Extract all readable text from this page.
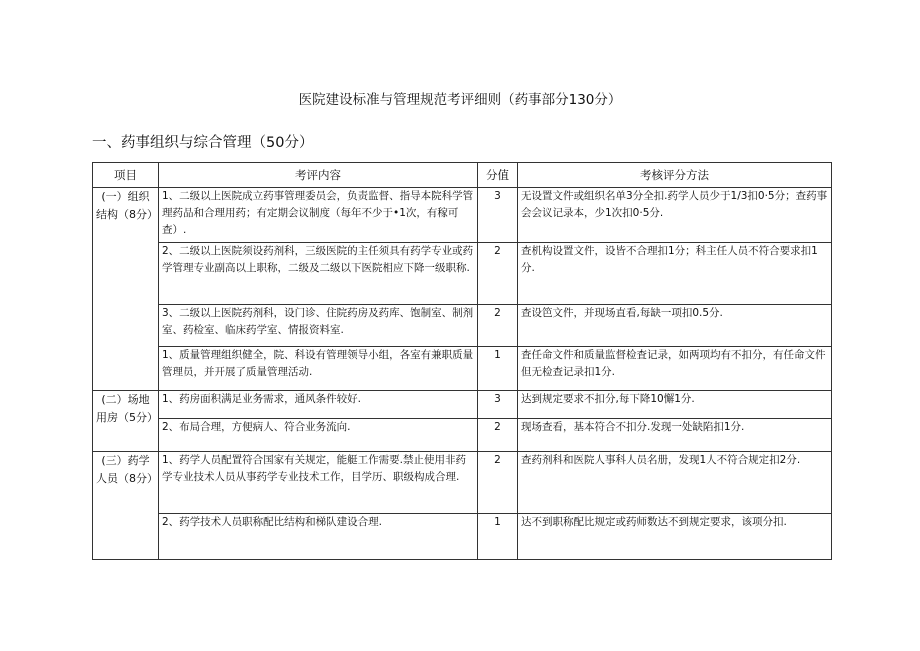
医院建设标准与管理规范考评细则（药事部分130分）
一、药事组织与综合管理（50分）
项目	考评内容	分值	考核评分方法
(一）组织结构（8分）	1、二级以上医院成立药事管理委员会，负责监督、指导本院科学管理药品和合理用药；有定期会议制度（每年不少于•1次，有稼可查）.	3	无设置文件或组织名单3分全扣.药学人员少于1/3扣0·5分；查药事会会议记录本，少1次扣0·5分.
	2、二级以上医院须设药剂科，三级医院的主任须具有药学专业或药学管理专业副高以上职称，二级及二级以下医院相应下降一级职称.	2	查机构设置文件，设皆不合理扣1分；科主任人员不符合要求扣1分.
	3、二级以上医院药剂科，设门诊、住院药房及药库、饱制室、制剂室、药检室、临床药学室、情报资料室.	2	查设笆文件，并现场直看,每缺一项扣0.5分.
	1、质量管理组织健全，院、科设有管理领导小组，各室有兼职质量管理员，并开展了质量管理活动.	1	査任命文件和质量监督检査记录，如两项均有不扣分，有任命文件但无检查记录扣1分.
(二）场地用房（5分）	1、药房面积满足业务需求，通风条件较好.	3	达到规定要求不扣分,每下降10懈1分.
	2、布局合理，方便病人、符合业务流向.	2	现场查看，基本符合不扣分.发现一处缺陷扣1分.
(三）药学人员（8分）	1、药学人员配置符合国家有关规定，能艇工作需要.禁止使用非药学专业技术人员从事药学专业技术工作，目学历、职级构成合理.	2	查药剂科和医院人事科人员名册，发现1人不符合规定扣2分.
	2、药学技术人员职称配比结构和梯队建设合理.	1	达不到职称配比规定或药师数达不到规定要求，该项分扣.
